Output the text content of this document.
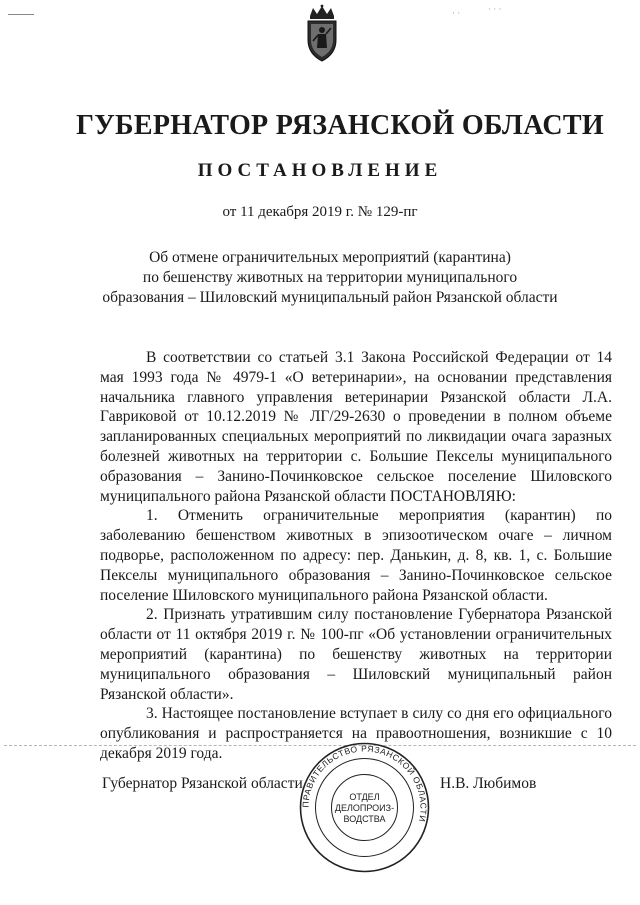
· ·	· · ·
ГУБЕРНАТОР РЯЗАНСКОЙ ОБЛАСТИ
ПОСТАНОВЛЕНИЕ
от 11 декабря 2019 г. № 129-пг
Об отмене ограничительных мероприятий (карантина)
по бешенству животных на территории муниципального
образования – Шиловский муниципальный район Рязанской области

В соответствии со статьей 3.1 Закона Российской Федерации от 14 мая 1993 года № 4979-1 «О ветеринарии», на основании представления начальника главного управления ветеринарии Рязанской области Л.А. Гавриковой от 10.12.2019 № ЛГ/29-2630 о проведении в полном объеме запланированных специальных мероприятий по ликвидации очага заразных болезней животных на территории с. Большие Пекселы муниципального образования – Занино-Починковское сельское поселение Шиловского муниципального района Рязанской области ПОСТАНОВЛЯЮ:

1. Отменить ограничительные мероприятия (карантин) по заболеванию бешенством животных в эпизоотическом очаге – личном подворье, расположенном по адресу: пер. Данькин, д. 8, кв. 1, с. Большие Пекселы муниципального образования – Занино-Починковское сельское поселение Шиловского муниципального района Рязанской области.

2. Признать утратившим силу постановление Губернатора Рязанской области от 11 октября 2019 г. № 100-пг «Об установлении ограничительных мероприятий (карантина) по бешенству животных на территории муниципального образования – Шиловский муниципальный район Рязанской области».

3. Настоящее постановление вступает в силу со дня его официального опубликования и распространяется на правоотношения, возникшие с 10 декабря 2019 года.

Губернатор Рязанской области
ПРАВИТЕЛЬСТВО РЯЗАНСКОЙ ОБЛАСТИ
ОТДЕЛ
ДЕЛОПРОИЗ-
ВОДСТВА
Н.В. Любимов
